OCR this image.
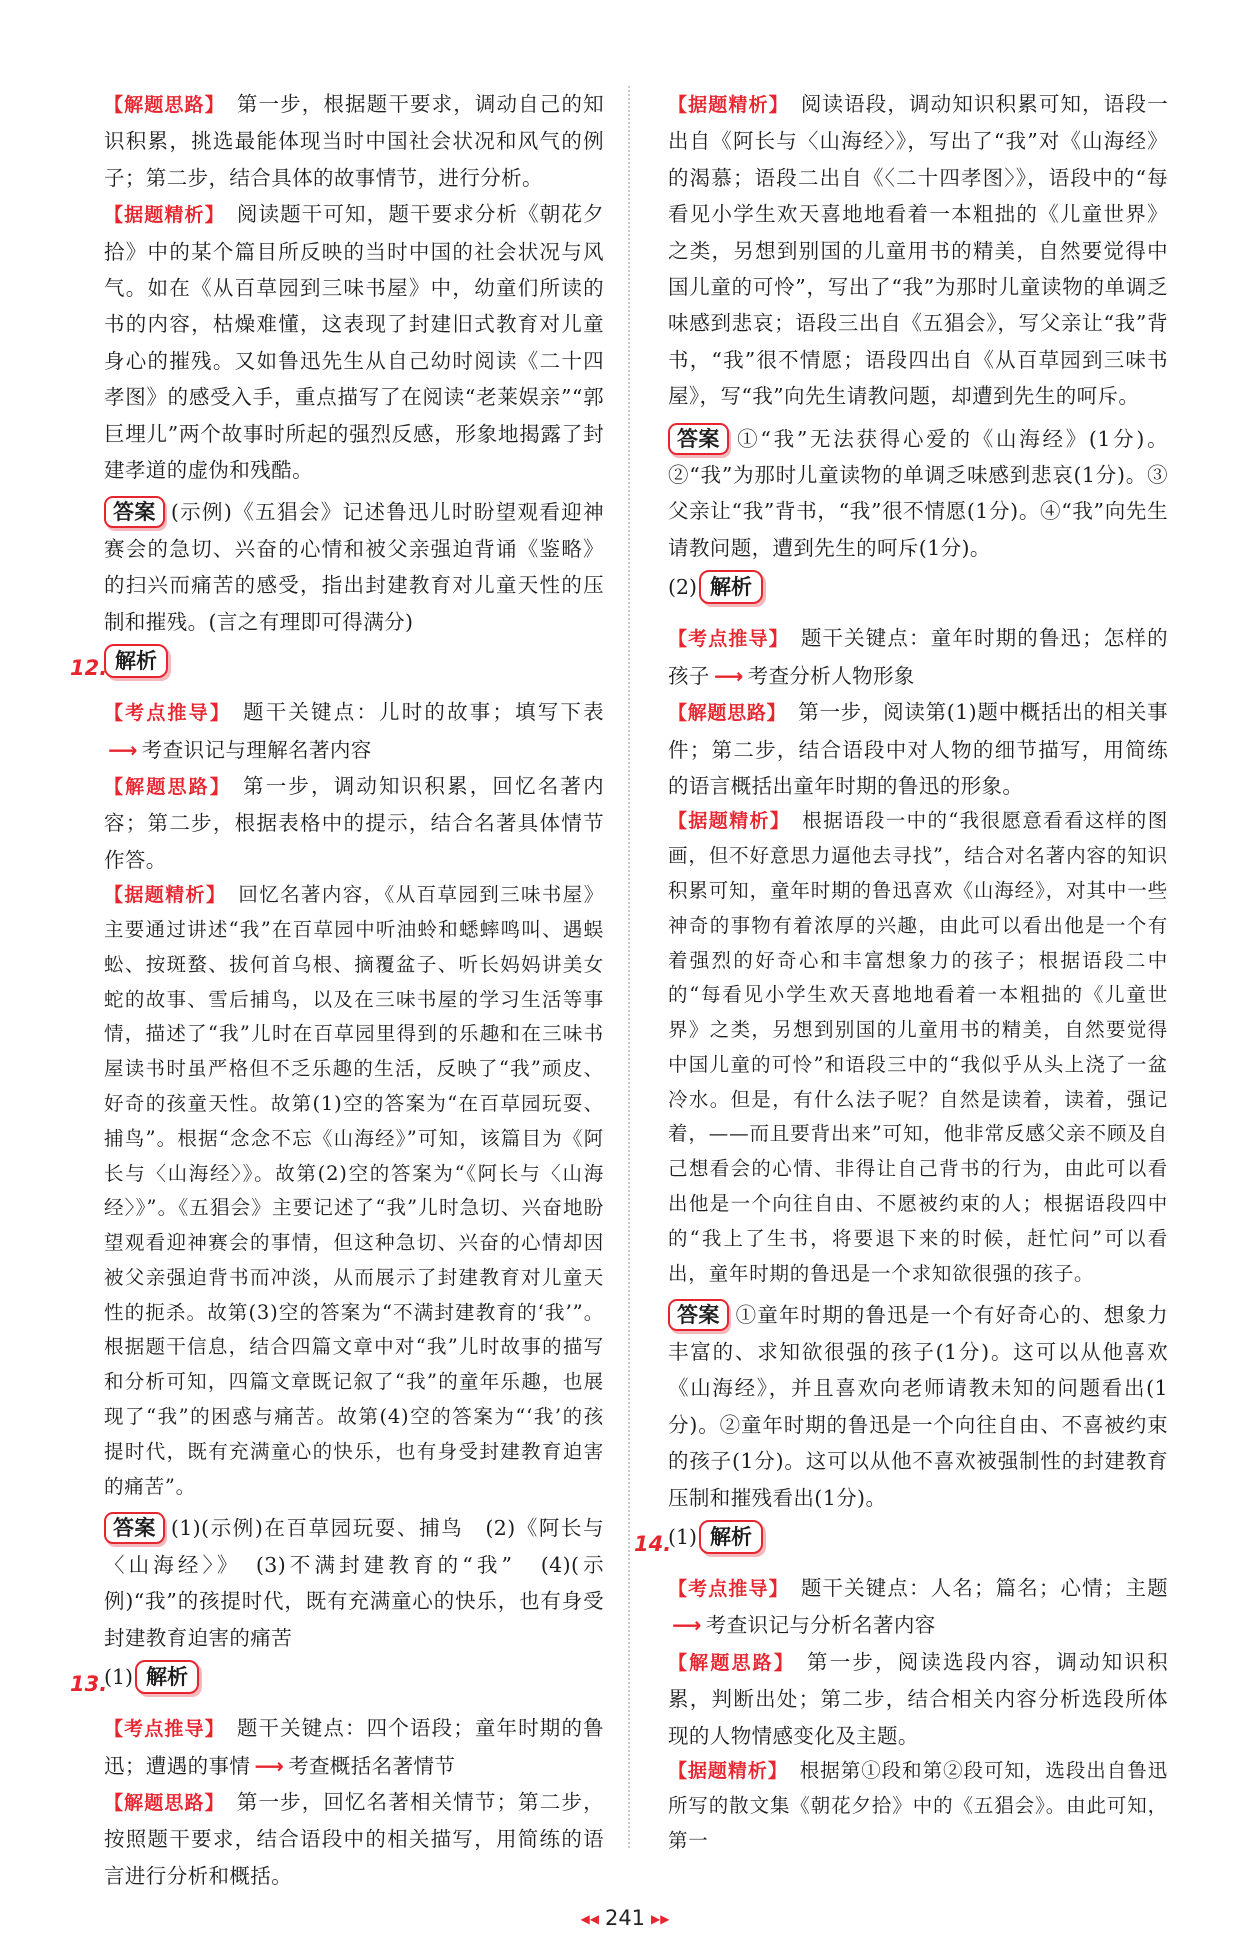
【解题思路】 第一步，根据题干要求，调动自己的知识积累，挑选最能体现当时中国社会状况和风气的例子；第二步，结合具体的故事情节，进行分析。

【据题精析】 阅读题干可知，题干要求分析《朝花夕拾》中的某个篇目所反映的当时中国的社会状况与风气。如在《从百草园到三味书屋》中，幼童们所读的书的内容，枯燥难懂，这表现了封建旧式教育对儿童身心的摧残。又如鲁迅先生从自己幼时阅读《二十四孝图》的感受入手，重点描写了在阅读“老莱娱亲”“郭巨埋儿”两个故事时所起的强烈反感，形象地揭露了封建孝道的虚伪和残酷。

答案 (示例)《五猖会》记述鲁迅儿时盼望观看迎神赛会的急切、兴奋的心情和被父亲强迫背诵《鉴略》的扫兴而痛苦的感受，指出封建教育对儿童天性的压制和摧残。(言之有理即可得满分)

12. 解析

【考点推导】 题干关键点：儿时的故事；填写下表⟶ 考查识记与理解名著内容

【解题思路】 第一步，调动知识积累，回忆名著内容；第二步，根据表格中的提示，结合名著具体情节作答。

【据题精析】 回忆名著内容，《从百草园到三味书屋》主要通过讲述“我”在百草园中听油蛉和蟋蟀鸣叫、遇蜈蚣、按斑蝥、拔何首乌根、摘覆盆子、听长妈妈讲美女蛇的故事、雪后捕鸟，以及在三味书屋的学习生活等事情，描述了“我”儿时在百草园里得到的乐趣和在三味书屋读书时虽严格但不乏乐趣的生活，反映了“我”顽皮、好奇的孩童天性。故第(1)空的答案为“在百草园玩耍、捕鸟”。根据“念念不忘《山海经》”可知，该篇目为《阿长与〈山海经〉》。故第(2)空的答案为“《阿长与〈山海经〉》”。《五猖会》主要记述了“我”儿时急切、兴奋地盼望观看迎神赛会的事情，但这种急切、兴奋的心情却因被父亲强迫背书而冲淡，从而展示了封建教育对儿童天性的扼杀。故第(3)空的答案为“不满封建教育的‘我’”。根据题干信息，结合四篇文章中对“我”儿时故事的描写和分析可知，四篇文章既记叙了“我”的童年乐趣，也展现了“我”的困惑与痛苦。故第(4)空的答案为“‘我’的孩提时代，既有充满童心的快乐，也有身受封建教育迫害的痛苦”。

答案 (1)(示例)在百草园玩耍、捕鸟　(2)《阿长与〈山海经〉》　(3)不满封建教育的“我”　(4)(示例)“我”的孩提时代，既有充满童心的快乐，也有身受封建教育迫害的痛苦

13.
(1) 解析

【考点推导】 题干关键点：四个语段；童年时期的鲁迅；遭遇的事情 ⟶ 考查概括名著情节

【解题思路】 第一步，回忆名著相关情节；第二步，按照题干要求，结合语段中的相关描写，用简练的语言进行分析和概括。

【据题精析】 阅读语段，调动知识积累可知，语段一出自《阿长与〈山海经〉》，写出了“我”对《山海经》的渴慕；语段二出自《〈二十四孝图〉》，语段中的“每看见小学生欢天喜地地看着一本粗拙的《儿童世界》之类，另想到别国的儿童用书的精美，自然要觉得中国儿童的可怜”，写出了“我”为那时儿童读物的单调乏味感到悲哀；语段三出自《五猖会》，写父亲让“我”背书，“我”很不情愿；语段四出自《从百草园到三味书屋》，写“我”向先生请教问题，却遭到先生的呵斥。

答案 ①“我”无法获得心爱的《山海经》(1分)。②“我”为那时儿童读物的单调乏味感到悲哀(1分)。③父亲让“我”背书，“我”很不情愿(1分)。④“我”向先生请教问题，遭到先生的呵斥(1分)。

(2) 解析

【考点推导】 题干关键点：童年时期的鲁迅；怎样的孩子 ⟶ 考查分析人物形象

【解题思路】 第一步，阅读第(1)题中概括出的相关事件；第二步，结合语段中对人物的细节描写，用简练的语言概括出童年时期的鲁迅的形象。

【据题精析】 根据语段一中的“我很愿意看看这样的图画，但不好意思力逼他去寻找”，结合对名著内容的知识积累可知，童年时期的鲁迅喜欢《山海经》，对其中一些神奇的事物有着浓厚的兴趣，由此可以看出他是一个有着强烈的好奇心和丰富想象力的孩子；根据语段二中的“每看见小学生欢天喜地地看着一本粗拙的《儿童世界》之类，另想到别国的儿童用书的精美，自然要觉得中国儿童的可怜”和语段三中的“我似乎从头上浇了一盆冷水。但是，有什么法子呢？自然是读着，读着，强记着，——而且要背出来”可知，他非常反感父亲不顾及自己想看会的心情、非得让自己背书的行为，由此可以看出他是一个向往自由、不愿被约束的人；根据语段四中的“我上了生书，将要退下来的时候，赶忙问”可以看出，童年时期的鲁迅是一个求知欲很强的孩子。

答案 ①童年时期的鲁迅是一个有好奇心的、想象力丰富的、求知欲很强的孩子(1分)。这可以从他喜欢《山海经》，并且喜欢向老师请教未知的问题看出(1分)。②童年时期的鲁迅是一个向往自由、不喜被约束的孩子(1分)。这可以从他不喜欢被强制性的封建教育压制和摧残看出(1分)。

14.
(1) 解析

【考点推导】 题干关键点：人名；篇名；心情；主题⟶ 考查识记与分析名著内容

【解题思路】 第一步，阅读选段内容，调动知识积累，判断出处；第二步，结合相关内容分析选段所体现的人物情感变化及主题。

【据题精析】 根据第①段和第②段可知，选段出自鲁迅所写的散文集《朝花夕拾》中的《五猖会》。由此可知，第一

◀◀ 241 ▶▶
